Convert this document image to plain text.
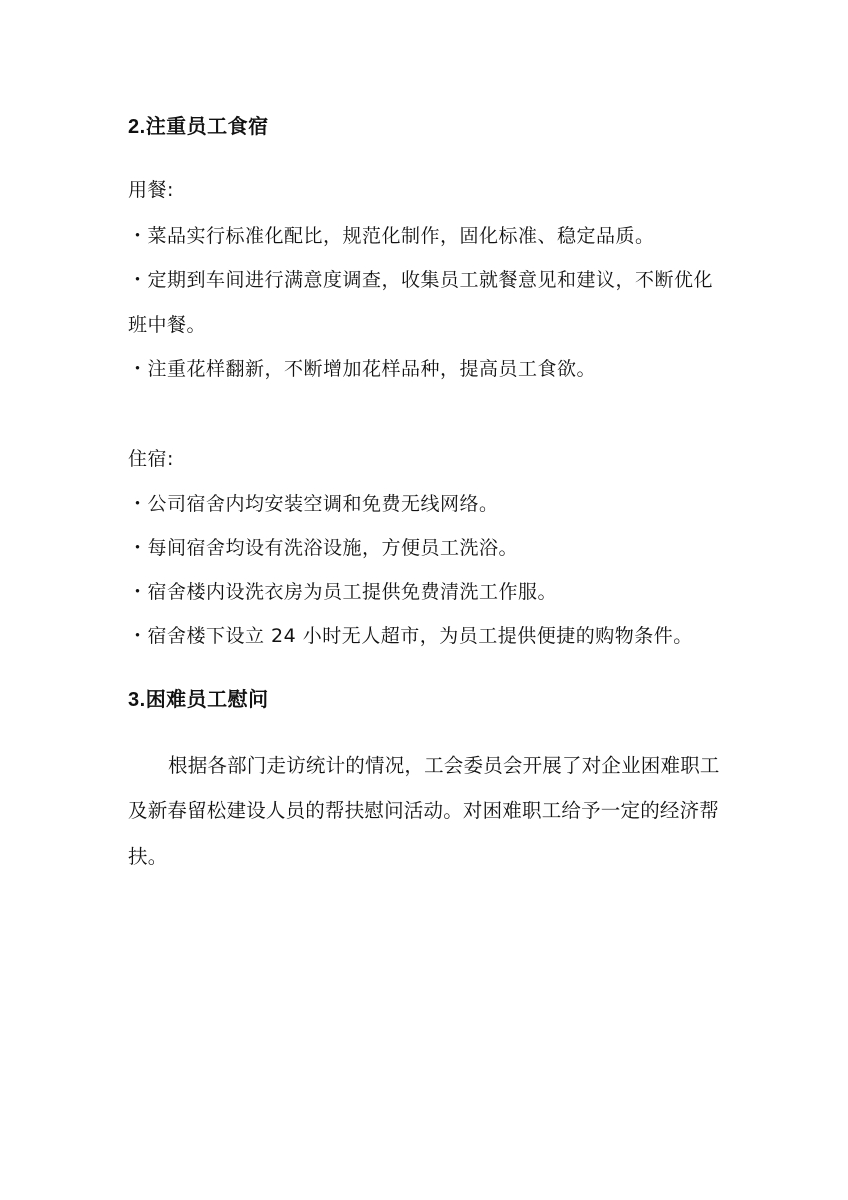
2.注重员工食宿
用餐:
・菜品实行标准化配比，规范化制作，固化标准、稳定品质。
・定期到车间进行满意度调查，收集员工就餐意见和建议，不断优化
班中餐。
・注重花样翻新，不断增加花样品种，提高员工食欲。
住宿:
・公司宿舍内均安装空调和免费无线网络。
・每间宿舍均设有洗浴设施，方便员工洗浴。
・宿舍楼内设洗衣房为员工提供免费清洗工作服。
・宿舍楼下设立 24 小时无人超市，为员工提供便捷的购物条件。
3.困难员工慰问
根据各部门走访统计的情况，工会委员会开展了对企业困难职工
及新春留松建设人员的帮扶慰问活动。对困难职工给予一定的经济帮
扶。
